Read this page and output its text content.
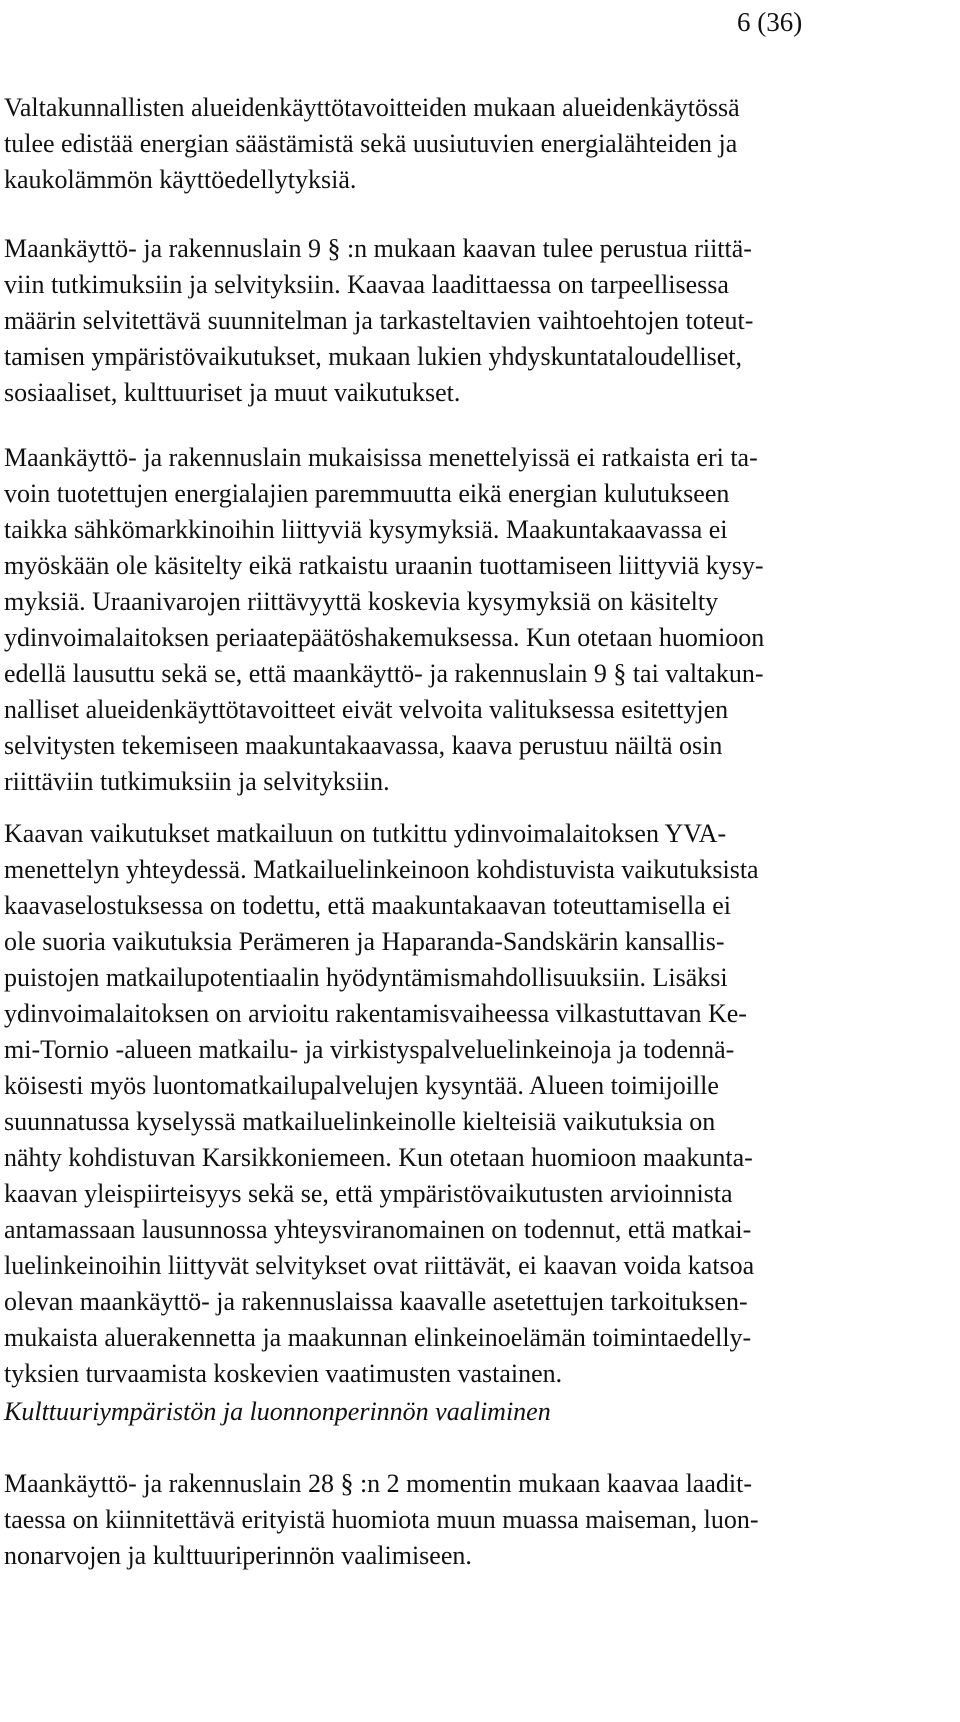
6 (36)
Valtakunnallisten alueidenkäyttötavoitteiden mukaan alueidenkäytössä
tulee edistää energian säästämistä sekä uusiutuvien energialähteiden ja
kaukolämmön käyttöedellytyksiä.
Maankäyttö- ja rakennuslain 9 § :n mukaan kaavan tulee perustua riittä-
viin tutkimuksiin ja selvityksiin. Kaavaa laadittaessa on tarpeellisessa
määrin selvitettävä suunnitelman ja tarkasteltavien vaihtoehtojen toteut-
tamisen ympäristövaikutukset, mukaan lukien yhdyskuntataloudelliset,
sosiaaliset, kulttuuriset ja muut vaikutukset.
Maankäyttö- ja rakennuslain mukaisissa menettelyissä ei ratkaista eri ta-
voin tuotettujen energialajien paremmuutta eikä energian kulutukseen
taikka sähkömarkkinoihin liittyviä kysymyksiä. Maakuntakaavassa ei
myöskään ole käsitelty eikä ratkaistu uraanin tuottamiseen liittyviä kysy-
myksiä. Uraanivarojen riittävyyttä koskevia kysymyksiä on käsitelty
ydinvoimalaitoksen periaatepäätöshakemuksessa. Kun otetaan huomioon
edellä lausuttu sekä se, että maankäyttö- ja rakennuslain 9 § tai valtakun-
nalliset alueidenkäyttötavoitteet eivät velvoita valituksessa esitettyjen
selvitysten tekemiseen maakuntakaavassa, kaava perustuu näiltä osin
riittäviin tutkimuksiin ja selvityksiin.
Kaavan vaikutukset matkailuun on tutkittu ydinvoimalaitoksen YVA-
menettelyn yhteydessä. Matkailuelinkeinoon kohdistuvista vaikutuksista
kaavaselostuksessa on todettu, että maakuntakaavan toteuttamisella ei
ole suoria vaikutuksia Perämeren ja Haparanda-Sandskärin kansallis-
puistojen matkailupotentiaalin hyödyntämismahdollisuuksiin. Lisäksi
ydinvoimalaitoksen on arvioitu rakentamisvaiheessa vilkastuttavan Ke-
mi-Tornio -alueen matkailu- ja virkistyspalveluelinkeinoja ja todennä-
köisesti myös luontomatkailupalvelujen kysyntää. Alueen toimijoille
suunnatussa kyselyssä matkailuelinkeinolle kielteisiä vaikutuksia on
nähty kohdistuvan Karsikkoniemeen. Kun otetaan huomioon maakunta-
kaavan yleispiirteisyys sekä se, että ympäristövaikutusten arvioinnista
antamassaan lausunnossa yhteysviranomainen on todennut, että matkai-
luelinkeinoihin liittyvät selvitykset ovat riittävät, ei kaavan voida katsoa
olevan maankäyttö- ja rakennuslaissa kaavalle asetettujen tarkoituksen-
mukaista aluerakennetta ja maakunnan elinkeinoelämän toimintaedelly-
tyksien turvaamista koskevien vaatimusten vastainen.
Kulttuuriympäristön ja luonnonperinnön vaaliminen
Maankäyttö- ja rakennuslain 28 § :n 2 momentin mukaan kaavaa laadit-
taessa on kiinnitettävä erityistä huomiota muun muassa maiseman, luon-
nonarvojen ja kulttuuriperinnön vaalimiseen.
